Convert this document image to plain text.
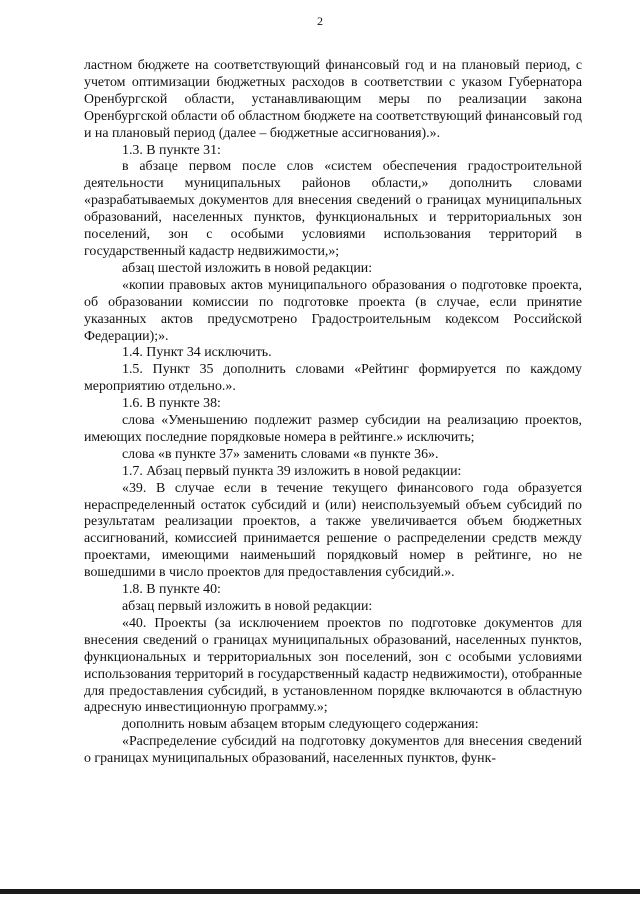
2

ластном бюджете на соответствующий финансовый год и на плановый период, с учетом оптимизации бюджетных расходов в соответствии с указом Губернатора Оренбургской области, устанавливающим меры по реализации закона Оренбургской области об областном бюджете на соответствующий финансовый год и на плановый период (далее – бюджетные ассигнования).».

1.3. В пункте 31:

в абзаце первом после слов «систем обеспечения градостроительной деятельности муниципальных районов области,» дополнить словами «разрабатываемых документов для внесения сведений о границах муниципальных образований, населенных пунктов, функциональных и территориальных зон поселений, зон с особыми условиями использования территорий в государственный кадастр недвижимости,»;

абзац шестой изложить в новой редакции:

«копии правовых актов муниципального образования о подготовке проекта, об образовании комиссии по подготовке проекта (в случае, если принятие указанных актов предусмотрено Градостроительным кодексом Российской Федерации);».

1.4. Пункт 34 исключить.

1.5. Пункт 35 дополнить словами «Рейтинг формируется по каждому мероприятию отдельно.».

1.6. В пункте 38:

слова «Уменьшению подлежит размер субсидии на реализацию проектов, имеющих последние порядковые номера в рейтинге.» исключить;

слова «в пункте 37» заменить словами «в пункте 36».

1.7. Абзац первый пункта 39 изложить в новой редакции:

«39. В случае если в течение текущего финансового года образуется нераспределенный остаток субсидий и (или) неиспользуемый объем субсидий по результатам реализации проектов, а также увеличивается объем бюджетных ассигнований, комиссией принимается решение о распределении средств между проектами, имеющими наименьший порядковый номер в рейтинге, но не вошедшими в число проектов для предоставления субсидий.».

1.8. В пункте 40:

абзац первый изложить в новой редакции:

«40. Проекты (за исключением проектов по подготовке документов для внесения сведений о границах муниципальных образований, населенных пунктов, функциональных и территориальных зон поселений, зон с особыми условиями использования территорий в государственный кадастр недвижимости), отобранные для предоставления субсидий, в установленном порядке включаются в областную адресную инвестиционную программу.»;

дополнить новым абзацем вторым следующего содержания:

«Распределение субсидий на подготовку документов для внесения сведений о границах муниципальных образований, населенных пунктов, функ-
